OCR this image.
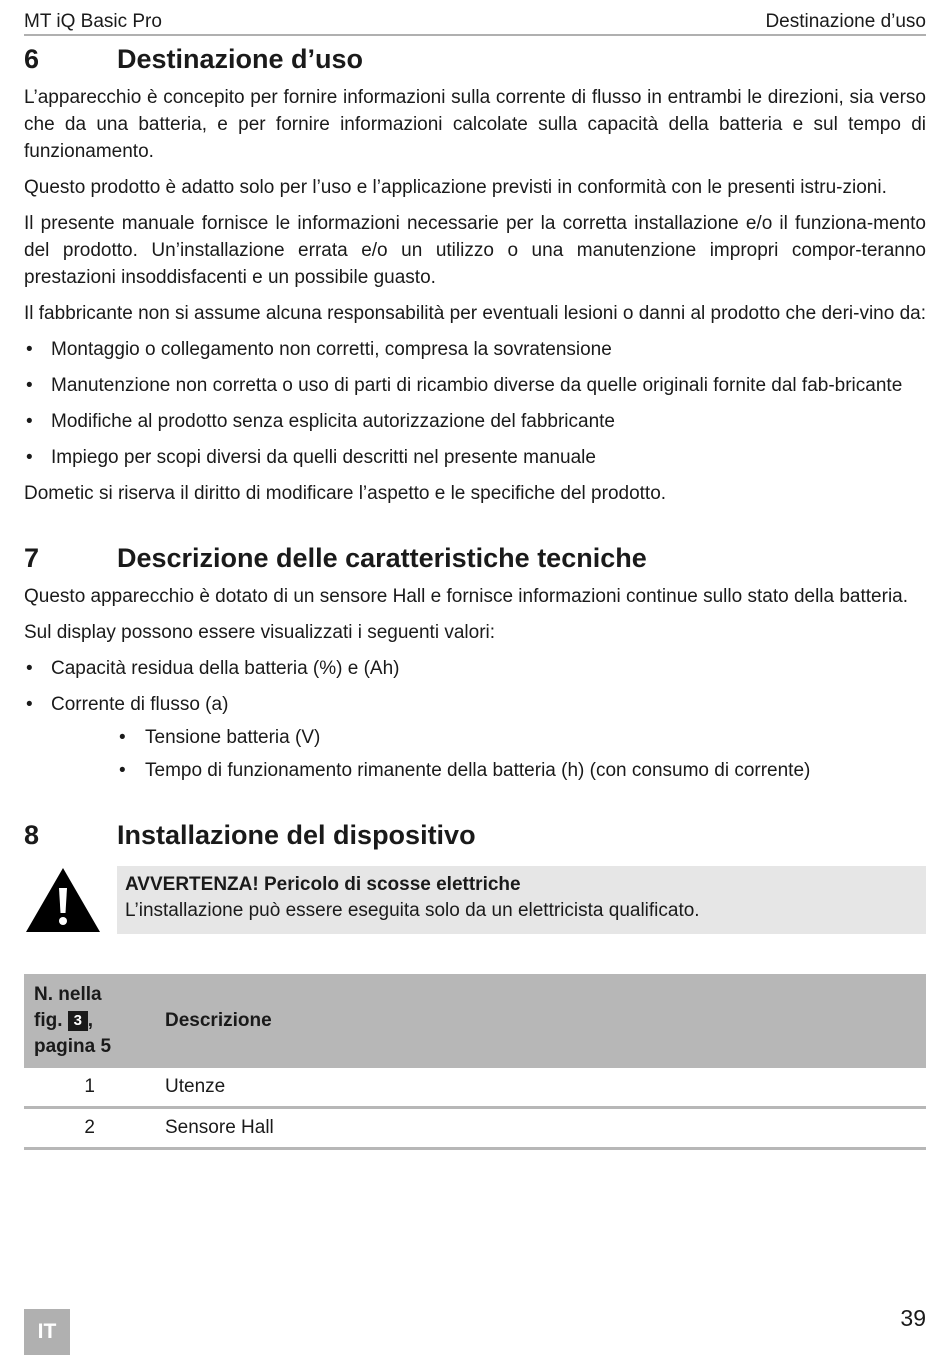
MT iQ Basic Pro	Destinazione d’uso
6	Destinazione d’uso

L’apparecchio è concepito per fornire informazioni sulla corrente di flusso in entrambi le direzioni, sia verso che da una batteria, e per fornire informazioni calcolate sulla capacità della batteria e sul tempo di funzionamento.

Questo prodotto è adatto solo per l’uso e l’applicazione previsti in conformità con le presenti istru-zioni.

Il presente manuale fornisce le informazioni necessarie per la corretta installazione e/o il funziona-mento del prodotto. Un’installazione errata e/o un utilizzo o una manutenzione impropri compor-teranno prestazioni insoddisfacenti e un possibile guasto.

Il fabbricante non si assume alcuna responsabilità per eventuali lesioni o danni al prodotto che deri-vino da:

• Montaggio o collegamento non corretti, compresa la sovratensione
• Manutenzione non corretta o uso di parti di ricambio diverse da quelle originali fornite dal fab-bricante
• Modifiche al prodotto senza esplicita autorizzazione del fabbricante
• Impiego per scopi diversi da quelli descritti nel presente manuale

Dometic si riserva il diritto di modificare l’aspetto e le specifiche del prodotto.

7	Descrizione delle caratteristiche tecniche

Questo apparecchio è dotato di un sensore Hall e fornisce informazioni continue sullo stato della batteria.

Sul display possono essere visualizzati i seguenti valori:

• Capacità residua della batteria (%) e (Ah)
• Corrente di flusso (a)
• Tensione batteria (V)
• Tempo di funzionamento rimanente della batteria (h) (con consumo di corrente)
8	Installazione del dispositivo
AVVERTENZA! Pericolo di scosse elettriche
L’installazione può essere eseguita solo da un elettricista qualificato.
N. nella
fig. 3 ,
pagina 5	Descrizione
1	Utenze
2	Sensore Hall
IT
39
